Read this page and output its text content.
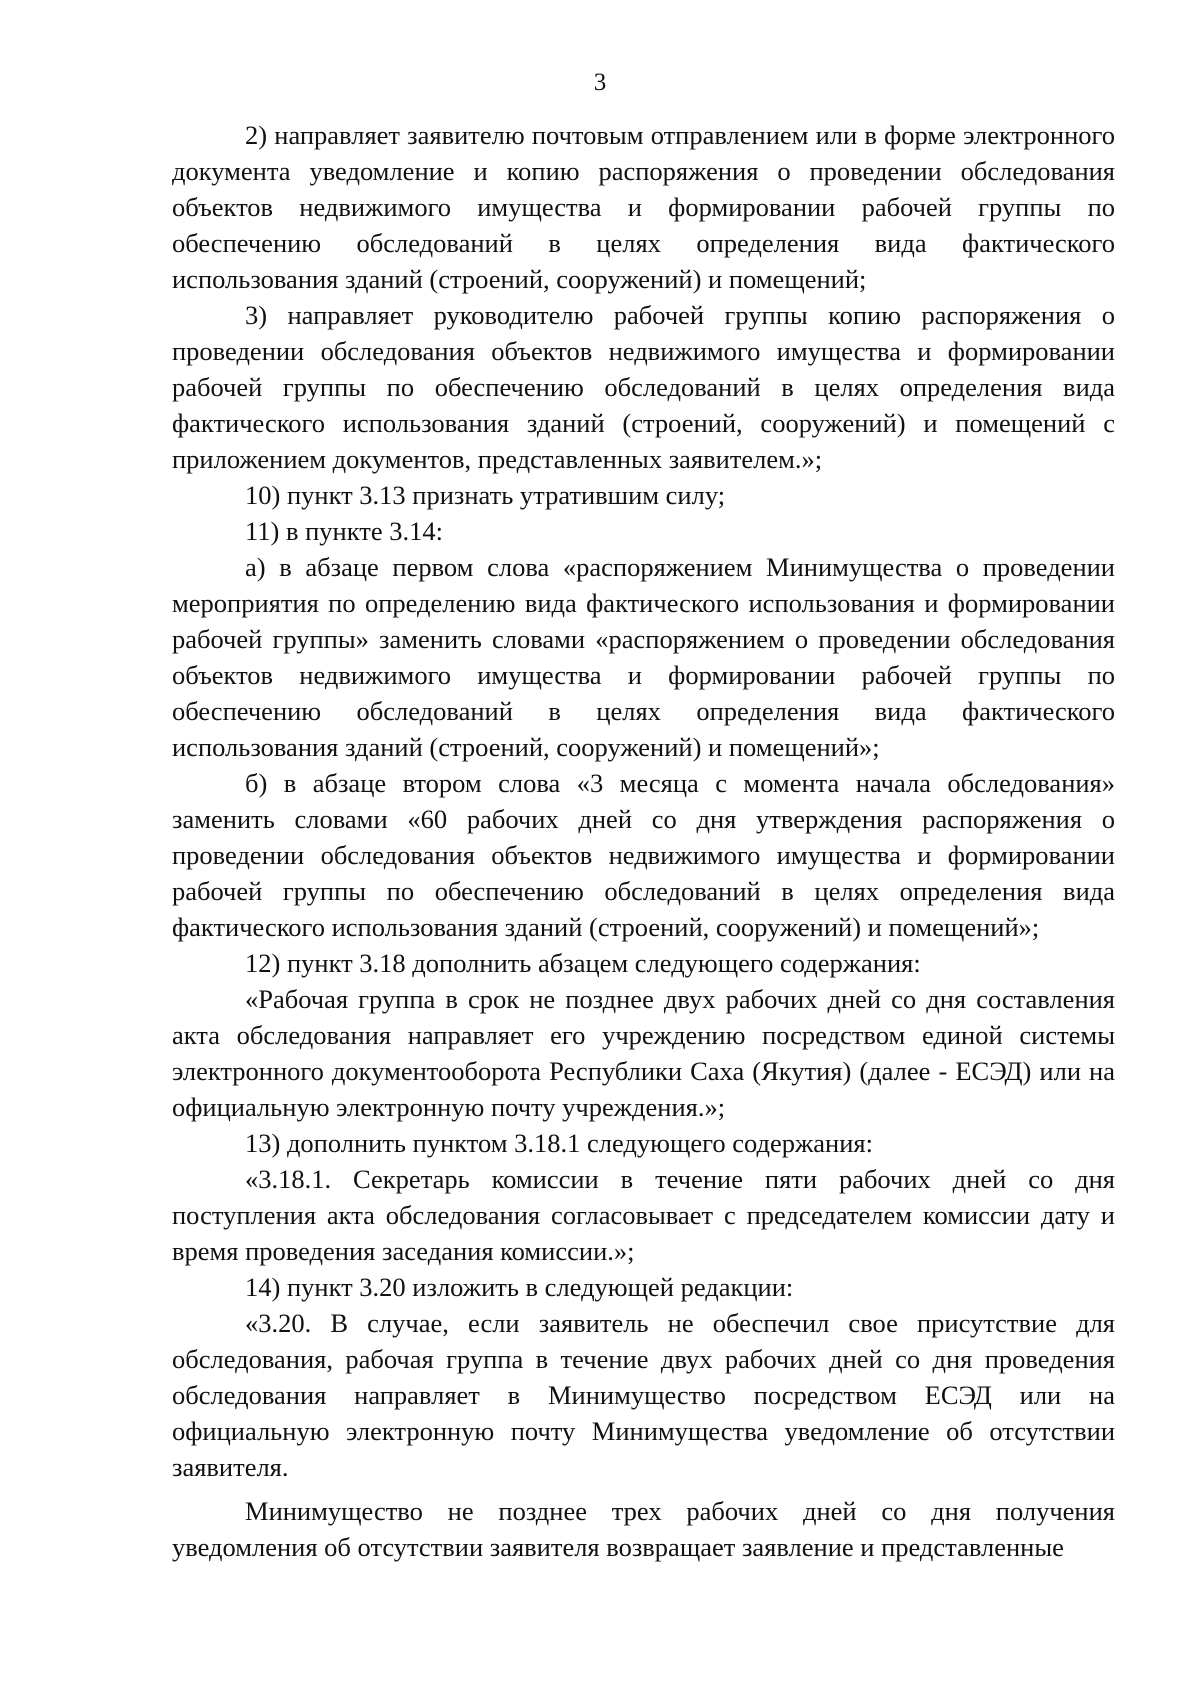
3

2) направляет заявителю почтовым отправлением или в форме электронного документа уведомление и копию распоряжения о проведении обследования объектов недвижимого имущества и формировании рабочей группы по обеспечению обследований в целях определения вида фактического использования зданий (строений, сооружений) и помещений;

3) направляет руководителю рабочей группы копию распоряжения о проведении обследования объектов недвижимого имущества и формировании рабочей группы по обеспечению обследований в целях определения вида фактического использования зданий (строений, сооружений) и помещений с приложением документов, представленных заявителем.»;

10) пункт 3.13 признать утратившим силу;

11) в пункте 3.14:

а) в абзаце первом слова «распоряжением Минимущества о проведении мероприятия по определению вида фактического использования и формировании рабочей группы» заменить словами «распоряжением о проведении обследования объектов недвижимого имущества и формировании рабочей группы по обеспечению обследований в целях определения вида фактического использования зданий (строений, сооружений) и помещений»;

б) в абзаце втором слова «3 месяца с момента начала обследования» заменить словами «60 рабочих дней со дня утверждения распоряжения о проведении обследования объектов недвижимого имущества и формировании рабочей группы по обеспечению обследований в целях определения вида фактического использования зданий (строений, сооружений) и помещений»;

12) пункт 3.18 дополнить абзацем следующего содержания:

«Рабочая группа в срок не позднее двух рабочих дней со дня составления акта обследования направляет его учреждению посредством единой системы электронного документооборота Республики Саха (Якутия) (далее - ЕСЭД) или на официальную электронную почту учреждения.»;

13) дополнить пунктом 3.18.1 следующего содержания:

«3.18.1. Секретарь комиссии в течение пяти рабочих дней со дня поступления акта обследования согласовывает с председателем комиссии дату и время проведения заседания комиссии.»;

14) пункт 3.20 изложить в следующей редакции:

«3.20. В случае, если заявитель не обеспечил свое присутствие для обследования, рабочая группа в течение двух рабочих дней со дня проведения обследования направляет в Минимущество посредством ЕСЭД или на официальную электронную почту Минимущества уведомление об отсутствии заявителя.

Минимущество не позднее трех рабочих дней со дня получения уведомления об отсутствии заявителя возвращает заявление и представленные
